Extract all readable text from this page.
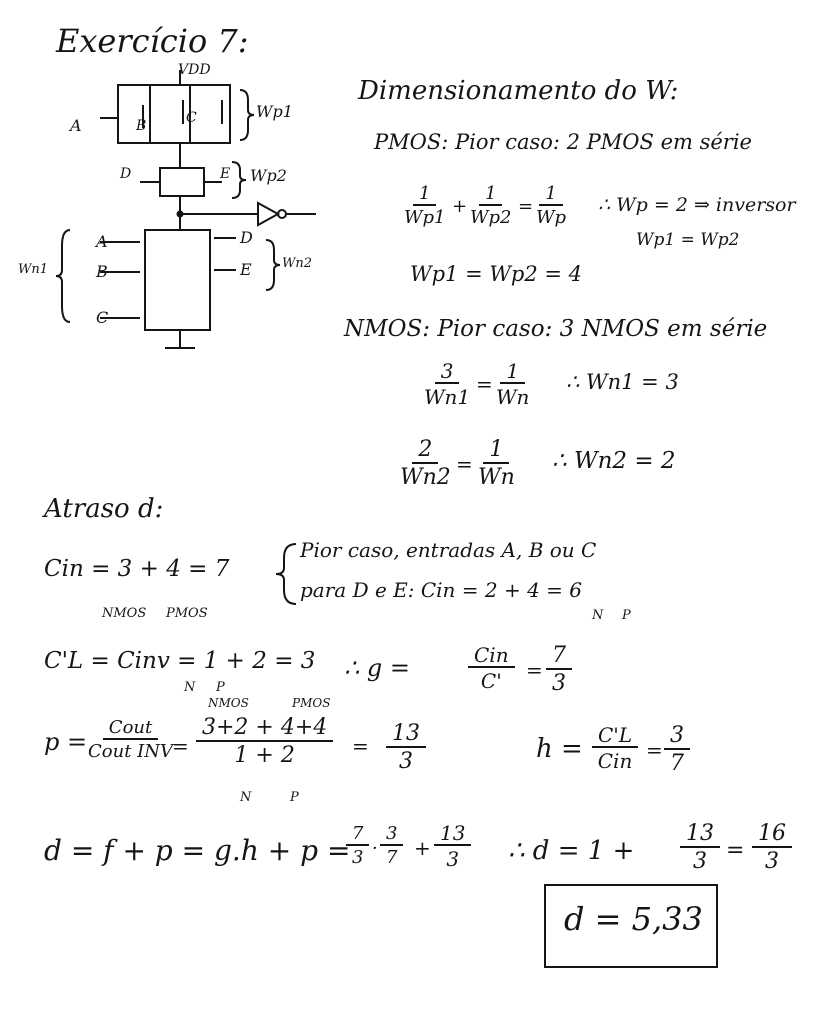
Exercício 7:
VDD
A	B	C
D	E
Wp1
Wp2
Wn1	Wn2
A
B
C
D
E
Dimensionamento do W:
PMOS: Pior caso: 2 PMOS em série
$\frac{1}{Wp1} + \frac{1}{Wp2} = \frac{1}{Wp}$ ∴ Wp = 2 ⇒ inversor
Wp1 = Wp2
Wp1 = Wp2 = 4
NMOS: Pior caso: 3 NMOS em série
$\frac{3}{Wn1} = \frac{1}{Wn}$ ∴ Wn1 = 3
$\frac{2}{Wn2} = \frac{1}{Wn}$ ∴ Wn2 = 2
Atraso d:
Cin = 3 + 4 = 7
NMOS PMOS
Pior caso, entradas A, B ou C
para D e E: Cin = 2 + 4 = 6
N P
C'L = Cinv = 1 + 2 = 3
N P
∴ g =	Cin
$C' = \frac{7}{3}$
p =
Cout
Cout INV
=
NMOS	PMOS
$\frac{3+2 + 4+4}{1 + 2}$
N	P
= $\frac{13}{3}$	h = C'L
Cin = $\frac{3}{7}$
d = f + p = g.h + p =
$\frac{7}{3} \cdot \frac{3}{7} + \frac{13}{3}$ ∴ $d = 1 + \frac{13}{3} = \frac{16}{3}$
d = 5,33
